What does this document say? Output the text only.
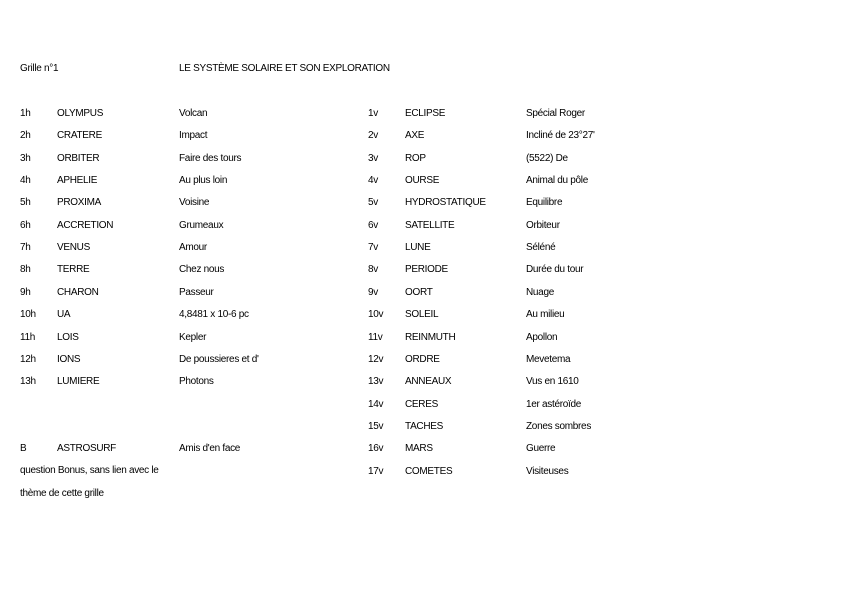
Grille n°1	LE SYSTÈME SOLAIRE ET SON EXPLORATION
1h	OLYMPUS	Volcan
2h	CRATERE	Impact
3h	ORBITER	Faire des tours
4h	APHELIE	Au plus loin
5h	PROXIMA	Voisine
6h	ACCRETION	Grumeaux
7h	VENUS	Amour
8h	TERRE	Chez nous
9h	CHARON	Passeur
10h UA	4,8481 x 10-6 pc
11h LOIS	Kepler
12h IONS	De poussieres et d'
13h LUMIERE	Photons
1v	ECLIPSE	Spécial Roger
2v	AXE	Incliné de 23°27'
3v	ROP	(5522) De
4v	OURSE	Animal du pôle
5v	HYDROSTATIQUE	Equilibre
6v	SATELLITE	Orbiteur
7v	LUNE	Séléné
8v	PERIODE	Durée du tour
9v	OORT	Nuage
10v SOLEIL	Au milieu
11v REINMUTH	Apollon
12v ORDRE	Mevetema
13v ANNEAUX	Vus en 1610
14v CERES	1er astéroïde
15v TACHES	Zones sombres
16v MARS	Guerre
17v COMETES	Visiteuses
B	ASTROSURF	Amis d'en face
question Bonus, sans lien avec le
thème de cette grille
